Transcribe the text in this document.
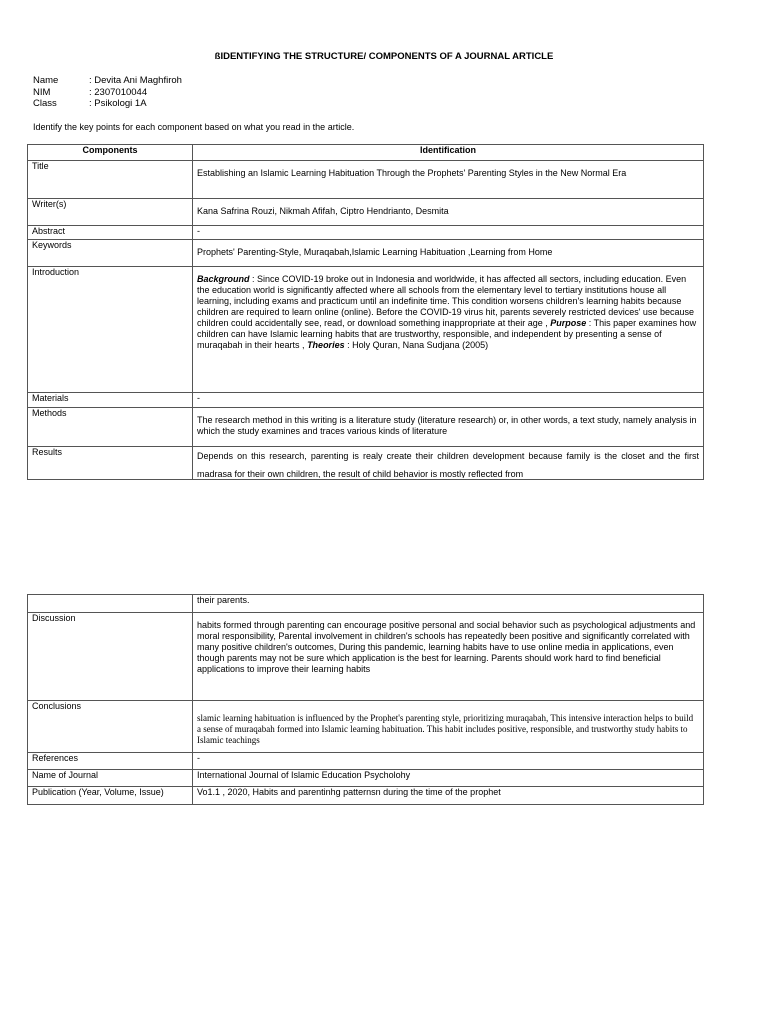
ßIDENTIFYING THE STRUCTURE/ COMPONENTS OF A JOURNAL ARTICLE
Name	: Devita Ani Maghfiroh
NIM	: 2307010044
Class	: Psikologi 1A
Identify the key points for each component based on what you read in the article.
Components	Identification
Title	Establishing an Islamic Learning Habituation Through the Prophets' Parenting Styles in the New Normal Era
Writer(s)	Kana Safrina Rouzi, Nikmah Afifah, Ciptro Hendrianto, Desmita
Abstract	-
Keywords	Prophets' Parenting-Style, Muraqabah,Islamic Learning Habituation ,Learning from Home
Introduction	Background : Since COVID-19 broke out in Indonesia and worldwide, it has affected all sectors, including education. Even the education world is significantly affected where all schools from the elementary level to tertiary institutions house all learning, including exams and practicum until an indefinite time. This condition worsens children's learning habits because children are required to learn online (online). Before the COVID-19 virus hit, parents severely restricted devices' use because children could accidentally see, read, or download something inappropriate at their age , Purpose : This paper examines how children can have Islamic learning habits that are trustworthy, responsible, and independent by presenting a sense of muraqabah in their hearts , Theories : Holy Quran, Nana Sudjana (2005)
Materials	-
Methods	The research method in this writing is a literature study (literature research) or, in other words, a text study, namely analysis in which the study examines and traces various kinds of literature
Results	Depends on this research, parenting is realy create their children development because family is the closet and the first madrasa for their own children, the result of child behavior is mostly reflected from
	their parents.
Discussion	habits formed through parenting can encourage positive personal and social behavior such as psychological adjustments and moral responsibility, Parental involvement in children's schools has repeatedly been positive and significantly correlated with many positive children's outcomes, During this pandemic, learning habits have to use online media in applications, even though parents may not be sure which application is the best for learning. Parents should work hard to find beneficial applications to improve their learning habits
Conclusions	slamic learning habituation is influenced by the Prophet's parenting style, prioritizing muraqabah, This intensive interaction helps to build a sense of muraqabah formed into Islamic learning habituation. This habit includes positive, responsible, and trustworthy study habits to Islamic teachings
References	-
Name of Journal	International Journal of Islamic Education Psycholohy
Publication (Year, Volume, Issue)	Vo1.1 , 2020, Habits and parentinhg patternsn during the time of the prophet
